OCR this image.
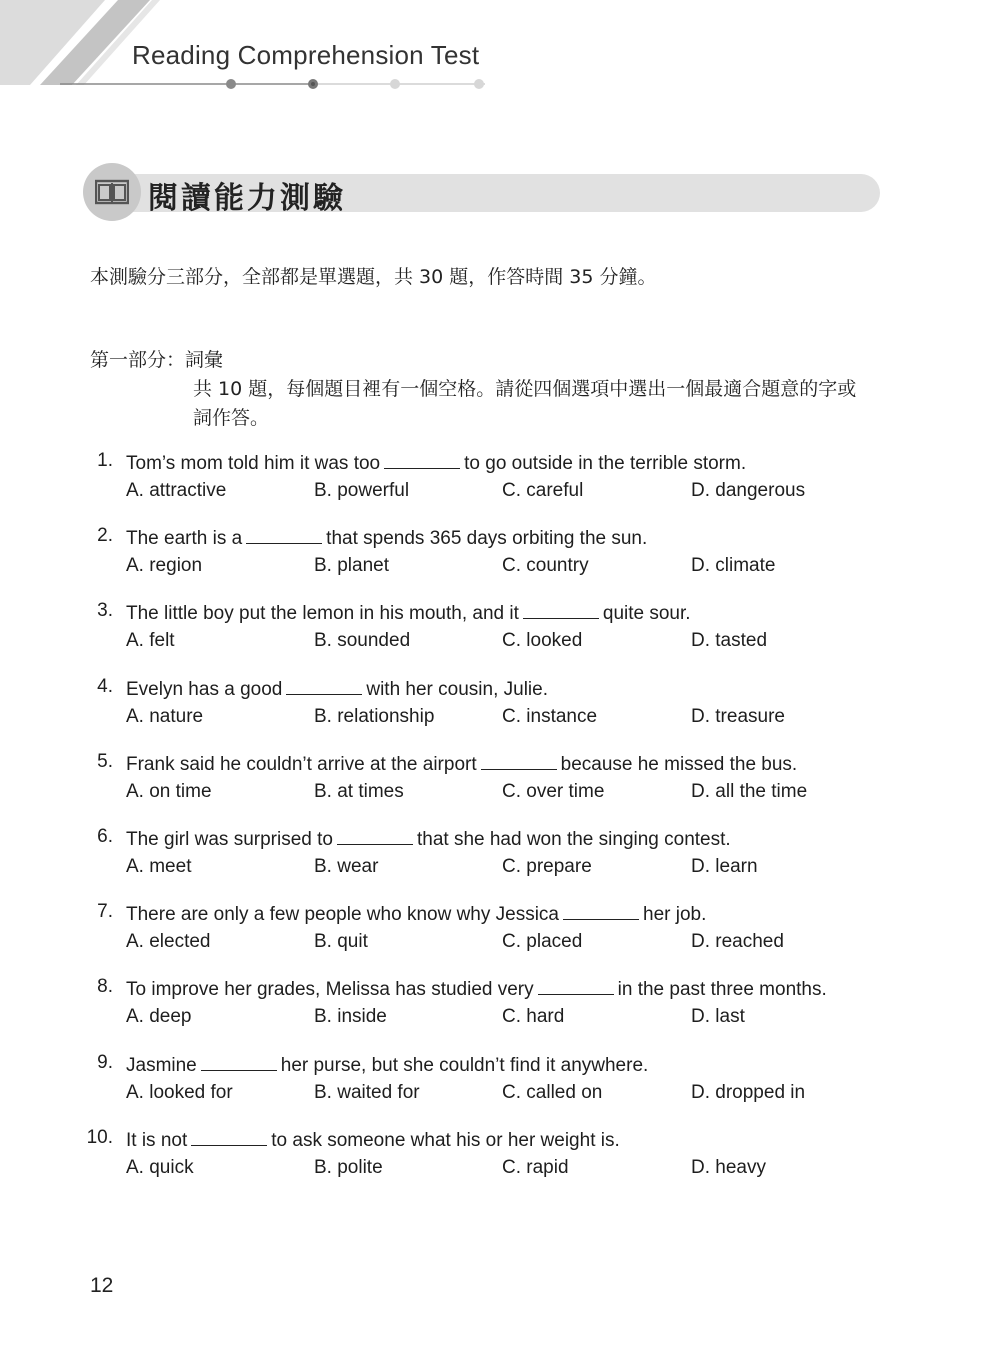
Reading Comprehension Test
閱讀能力測驗
本測驗分三部分，全部都是單選題，共 30 題，作答時間 35 分鐘。
第一部分：詞彙
共 10 題，每個題目裡有一個空格。請從四個選項中選出一個最適合題意的字或
詞作答。
1. Tom’s mom told him it was too	to go outside in the terrible storm.
A. attractive	B. powerful	C. careful	D. dangerous
2. The earth is a	that spends 365 days orbiting the sun.
A. region	B. planet	C. country	D. climate
3. The little boy put the lemon in his mouth, and it	quite sour.
A. felt	B. sounded	C. looked	D. tasted
4. Evelyn has a good	with her cousin, Julie.
A. nature	B. relationship	C. instance	D. treasure
5. Frank said he couldn’t arrive at the airport	because he missed the bus.
A. on time	B. at times	C. over time	D. all the time
6. The girl was surprised to	that she had won the singing contest.
A. meet	B. wear	C. prepare	D. learn
7. There are only a few people who know why Jessica	her job.
A. elected	B. quit	C. placed	D. reached
8. To improve her grades, Melissa has studied very	in the past three months.
A. deep	B. inside	C. hard	D. last
9. Jasmine	her purse, but she couldn’t find it anywhere.
A. looked for	B. waited for	C. called on	D. dropped in
10. It is not	to ask someone what his or her weight is.
A. quick	B. polite	C. rapid	D. heavy
12
